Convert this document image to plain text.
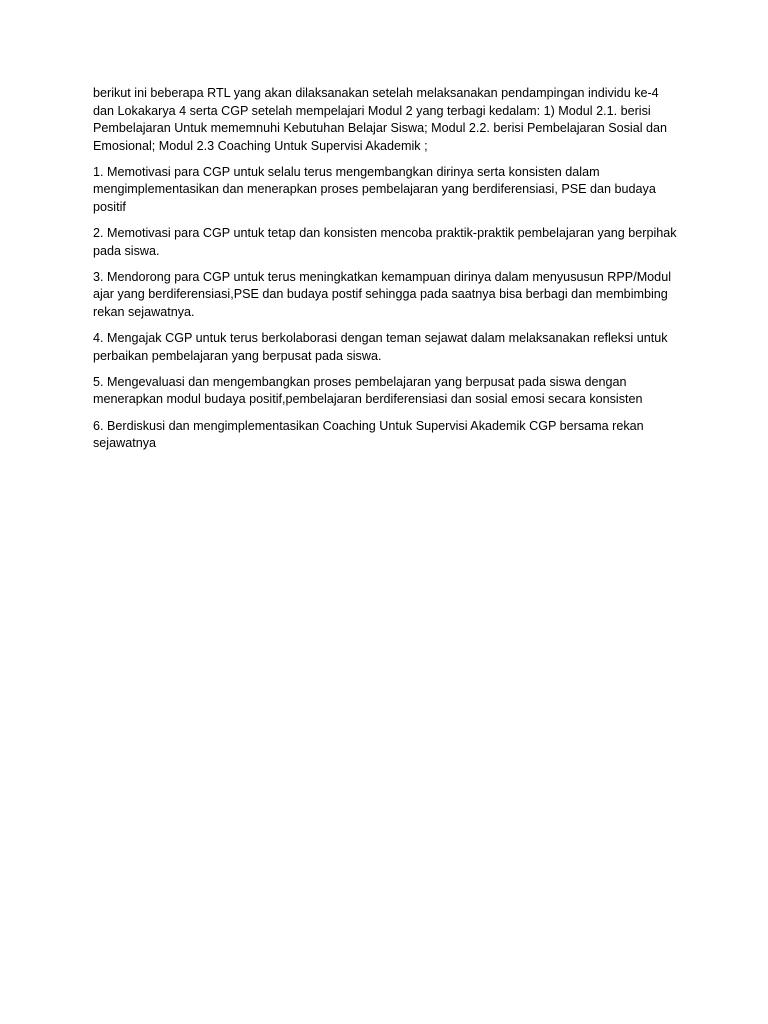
berikut ini beberapa RTL yang akan dilaksanakan setelah melaksanakan pendampingan individu ke-4 dan Lokakarya 4 serta CGP setelah mempelajari Modul 2 yang terbagi kedalam: 1) Modul 2.1. berisi Pembelajaran Untuk mememnuhi Kebutuhan Belajar Siswa; Modul 2.2. berisi Pembelajaran Sosial dan Emosional; Modul 2.3 Coaching Untuk Supervisi Akademik ;

1. Memotivasi para CGP untuk selalu terus mengembangkan dirinya serta konsisten dalam mengimplementasikan dan menerapkan proses pembelajaran yang berdiferensiasi, PSE dan budaya positif

2. Memotivasi para CGP untuk tetap dan konsisten mencoba praktik-praktik pembelajaran yang berpihak pada siswa.

3. Mendorong para CGP untuk terus meningkatkan kemampuan dirinya dalam menyususun RPP/Modul ajar yang berdiferensiasi,PSE dan budaya postif sehingga pada saatnya bisa berbagi dan membimbing rekan sejawatnya.

4. Mengajak CGP untuk terus berkolaborasi dengan teman sejawat dalam melaksanakan refleksi untuk perbaikan pembelajaran yang berpusat pada siswa.

5. Mengevaluasi dan mengembangkan proses pembelajaran yang berpusat pada siswa dengan menerapkan modul budaya positif,pembelajaran berdiferensiasi dan sosial emosi secara konsisten

6. Berdiskusi dan mengimplementasikan Coaching Untuk Supervisi Akademik CGP bersama rekan sejawatnya
